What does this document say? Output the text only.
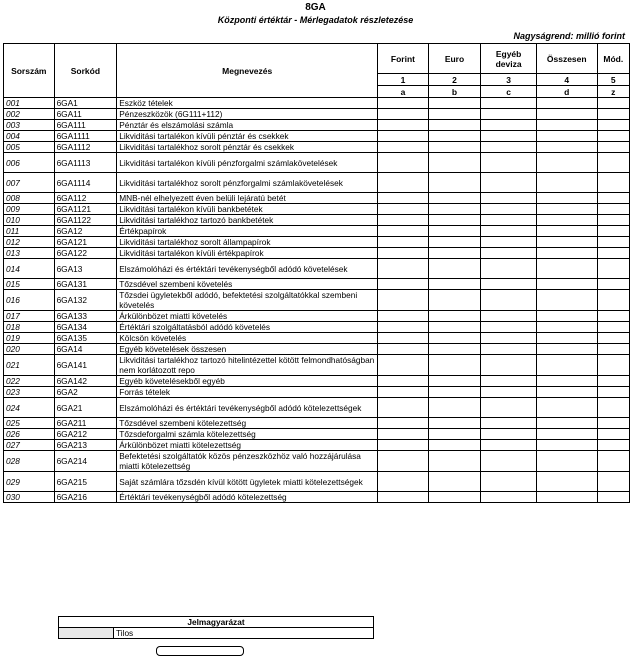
8GA
Központi értéktár - Mérlegadatok részletezése
Nagyságrend: millió forint
Sorszám	Sorkód	Megnevezés	Forint	Euro	Egyéb deviza	Összesen	Mód.
			1	2	3	4	5
			a	b	c	d	z
001	6GA1	Eszköz tételek					
002	6GA11	Pénzeszközök (6G111+112)					
003	6GA111	Pénztár és elszámolási számla					
004	6GA1111	Likviditási tartalékon kívüli pénztár és csekkek					
005	6GA1112	Likviditási tartalékhoz sorolt pénztár és csekkek					
006	6GA1113	Likviditási tartalékon kívüli pénzforgalmi számlakövetelések					
007	6GA1114	Likviditási tartalékhoz sorolt pénzforgalmi számlakövetelések					
008	6GA112	MNB-nél elhelyezett éven belüli lejáratú betét					
009	6GA1121	Likviditási tartalékon kívüli bankbetétek					
010	6GA1122	Likviditási tartalékhoz tartozó bankbetétek					
011	6GA12	Értékpapírok					
012	6GA121	Likviditási tartalékhoz sorolt állampapírok					
013	6GA122	Likviditási tartalékon kívüli értékpapírok					
014	6GA13	Elszámolóházi és értéktári tevékenységből adódó követelések					
015	6GA131	Tőzsdével szembeni követelés					
016	6GA132	Tőzsdei ügyletekből adódó, befektetési szolgáltatókkal szembeni követelés					
017	6GA133	Árkülönbözet miatti követelés					
018	6GA134	Értéktári szolgáltatásból adódó követelés					
019	6GA135	Kölcsön követelés					
020	6GA14	Egyéb követelések összesen					
021	6GA141	Likviditási tartalékhoz tartozó hitelintézettel kötött felmondhatóságban nem korlátozott repo					
022	6GA142	Egyéb követelésekből egyéb					
023	6GA2	Forrás tételek					
024	6GA21	Elszámolóházi és értéktári tevékenységből adódó kötelezettségek					
025	6GA211	Tőzsdével szembeni kötelezettség					
026	6GA212	Tőzsdeforgalmi számla kötelezettség					
027	6GA213	Árkülönbözet miatti kötelezettség					
028	6GA214	Befektetési szolgáltatók közös pénzeszközhöz való hozzájárulása miatti kötelezettség					
029	6GA215	Saját számlára tőzsdén kívül kötött ügyletek miatti kötelezettségek					
030	6GA216	Értéktári tevékenységből adódó kötelezettség					
Jelmagyarázat
	Tilos
